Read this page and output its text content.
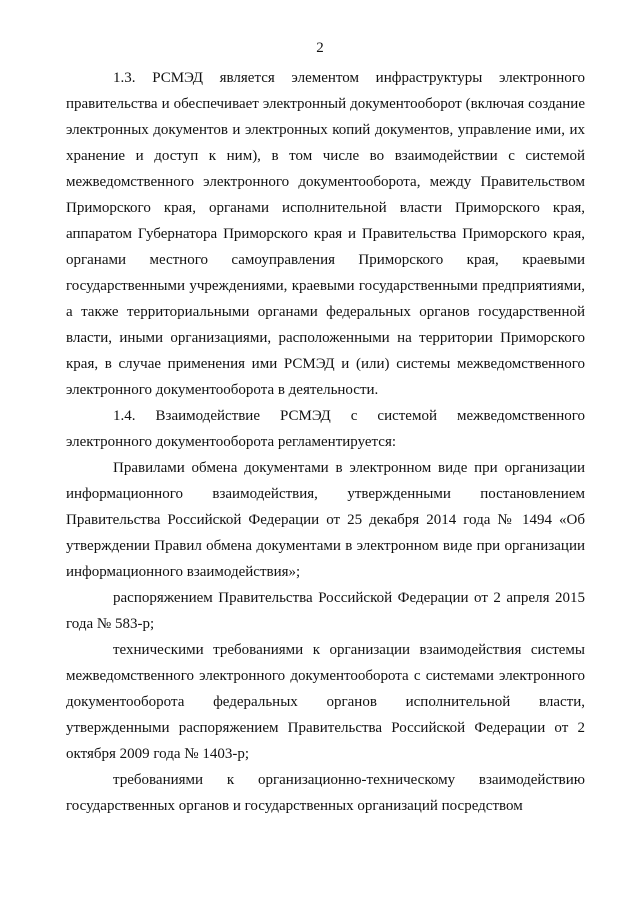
2

1.3. РСМЭД является элементом инфраструктуры электронного правительства и обеспечивает электронный документооборот (включая создание электронных документов и электронных копий документов, управление ими, их хранение и доступ к ним), в том числе во взаимодействии с системой межведомственного электронного документооборота, между Правительством Приморского края, органами исполнительной власти Приморского края, аппаратом Губернатора Приморского края и Правительства Приморского края, органами местного самоуправления Приморского края, краевыми государственными учреждениями, краевыми государственными предприятиями, а также территориальными органами федеральных органов государственной власти, иными организациями, расположенными на территории Приморского края, в случае применения ими РСМЭД и (или) системы межведомственного электронного документооборота в деятельности.

1.4. Взаимодействие РСМЭД с системой межведомственного электронного документооборота регламентируется:

Правилами обмена документами в электронном виде при организации информационного взаимодействия, утвержденными постановлением Правительства Российской Федерации от 25 декабря 2014 года № 1494 «Об утверждении Правил обмена документами в электронном виде при организации информационного взаимодействия»;

распоряжением Правительства Российской Федерации от 2 апреля 2015 года № 583-р;

техническими требованиями к организации взаимодействия системы межведомственного электронного документооборота с системами электронного документооборота федеральных органов исполнительной власти, утвержденными распоряжением Правительства Российской Федерации от 2 октября 2009 года № 1403-р;

требованиями к организационно-техническому взаимодействию государственных органов и государственных организаций посредством
